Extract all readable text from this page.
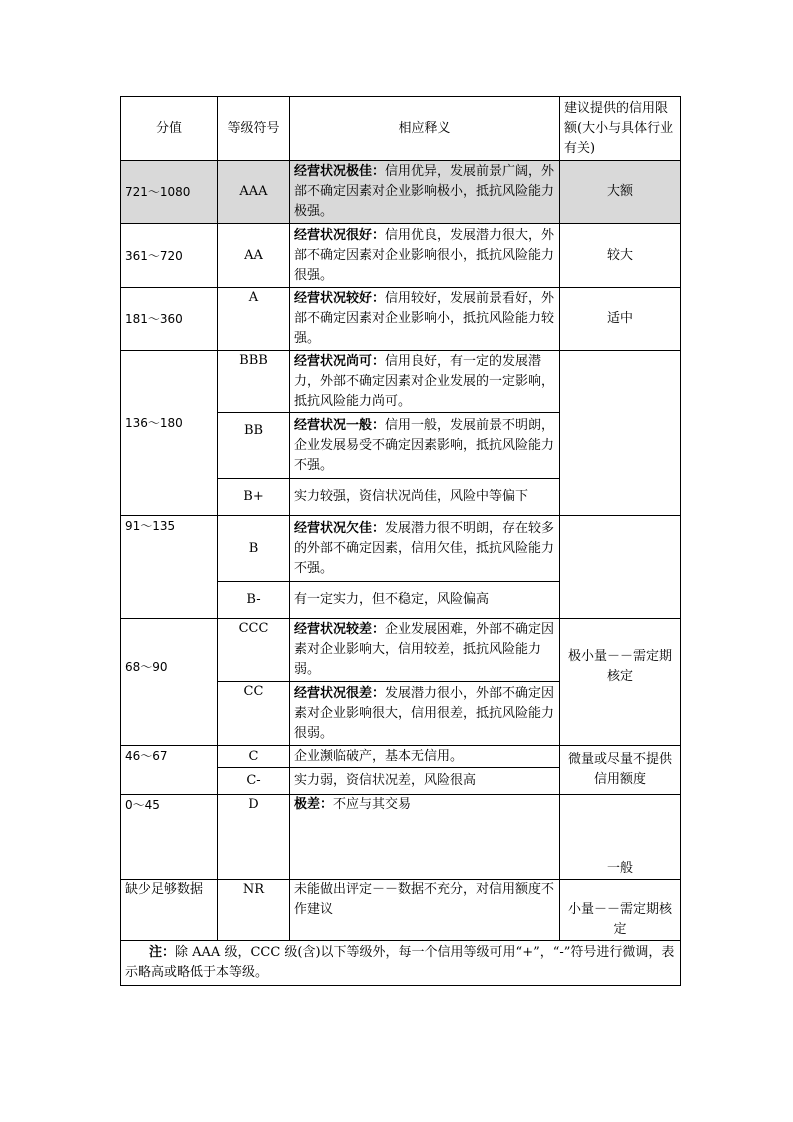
分值	等级符号	相应释义	建议提供的信用限额(大小与具体行业有关)
721～1080	AAA	经营状况极佳：信用优异，发展前景广阔，外部不确定因素对企业影响极小，抵抗风险能力极强。	大额
361～720	AA	经营状况很好：信用优良，发展潜力很大，外部不确定因素对企业影响很小，抵抗风险能力很强。	较大
181～360	A	经营状况较好：信用较好，发展前景看好，外部不确定因素对企业影响小，抵抗风险能力较强。	适中
136～180	BBB	经营状况尚可：信用良好，有一定的发展潜力，外部不确定因素对企业发展的一定影响，抵抗风险能力尚可。	
	BB	经营状况一般：信用一般，发展前景不明朗，企业发展易受不确定因素影响，抵抗风险能力不强。	
	B+	实力较强，资信状况尚佳，风险中等偏下	
91～135	B	经营状况欠佳：发展潜力很不明朗，存在较多的外部不确定因素，信用欠佳，抵抗风险能力不强。	
	B-	有一定实力，但不稳定，风险偏高	
68～90	CCC	经营状况较差：企业发展困难，外部不确定因素对企业影响大，信用较差，抵抗风险能力弱。	极小量－－需定期核定
	CC	经营状况很差：发展潜力很小，外部不确定因素对企业影响很大，信用很差，抵抗风险能力很弱。	
46～67	C	企业濒临破产，基本无信用。	微量或尽量不提供信用额度
	C-	实力弱，资信状况差，风险很高	
0～45	D	极差：不应与其交易	一般
缺少足够数据	NR	未能做出评定－－数据不充分，对信用额度不作建议	小量－－需定期核定
注：除 AAA 级，CCC 级(含)以下等级外，每一个信用等级可用“+”，“-”符号进行微调，表示略高或略低于本等级。			
